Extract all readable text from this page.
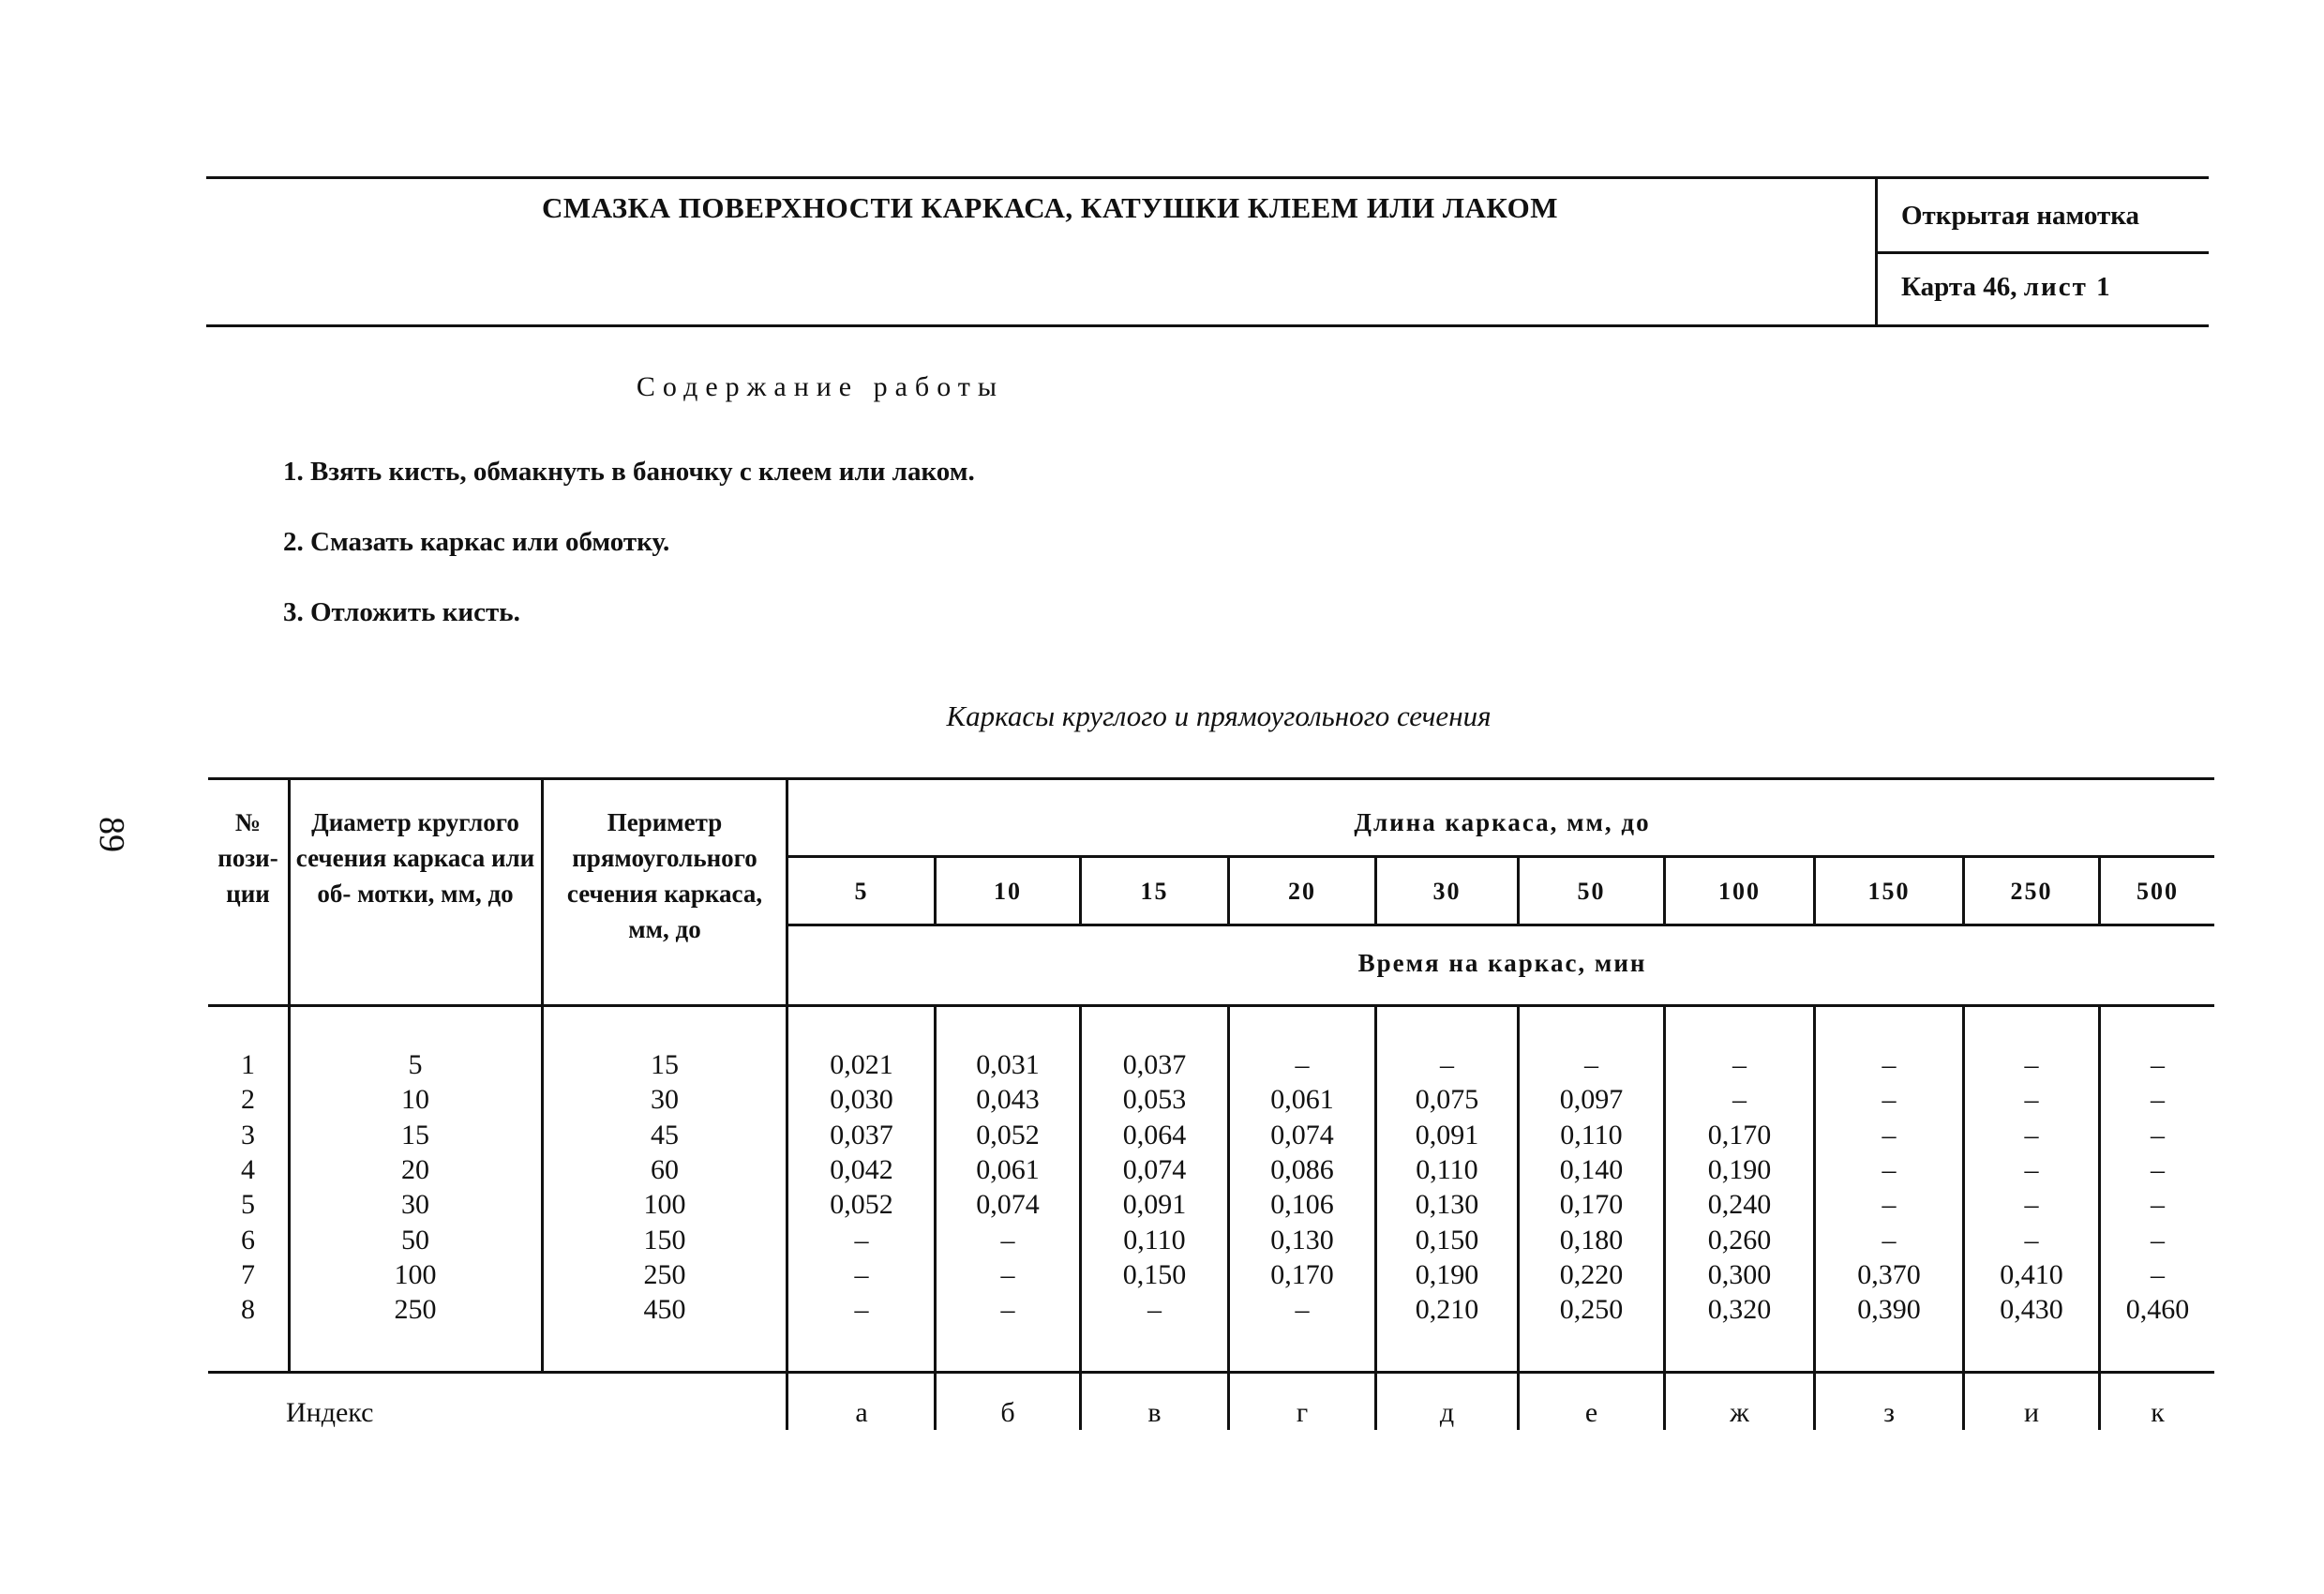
СМАЗКА ПОВЕРХНОСТИ КАРКАСА, КАТУШКИ КЛЕЕМ ИЛИ ЛАКОМ	Открытая намотка
Карта 46, лист 1
89
Содержание работы
1. Взять кисть, обмакнуть в баночку с клеем или лаком.
2. Смазать каркас или обмотку.
3. Отложить кисть.
Каркасы круглого и прямоугольного сечения
№ пози- ции
Диаметр круглого сечения каркаса или об- мотки, мм, до
Периметр прямоугольного сечения каркаса, мм, до
Длина каркаса, мм, до
Время на каркас, мин
5	10	15	20	30	50	100	150	250	500
1	5	15	0,021	0,031	0,037	–	–	–	–	–	–	–
2	10	30	0,030	0,043	0,053	0,061	0,075	0,097	–	–	–	–
3	15	45	0,037	0,052	0,064	0,074	0,091	0,110	0,170	–	–	–
4	20	60	0,042	0,061	0,074	0,086	0,110	0,140	0,190	–	–	–
5	30	100	0,052	0,074	0,091	0,106	0,130	0,170	0,240	–	–	–
6	50	150	–	–	0,110	0,130	0,150	0,180	0,260	–	–	–
7	100	250	–	–	0,150	0,170	0,190	0,220	0,300	0,370	0,410	–
8	250	450	–	–	–	–	0,210	0,250	0,320	0,390	0,430	0,460
Индекс	а	б	в	г	д	е	ж	з	и	к
